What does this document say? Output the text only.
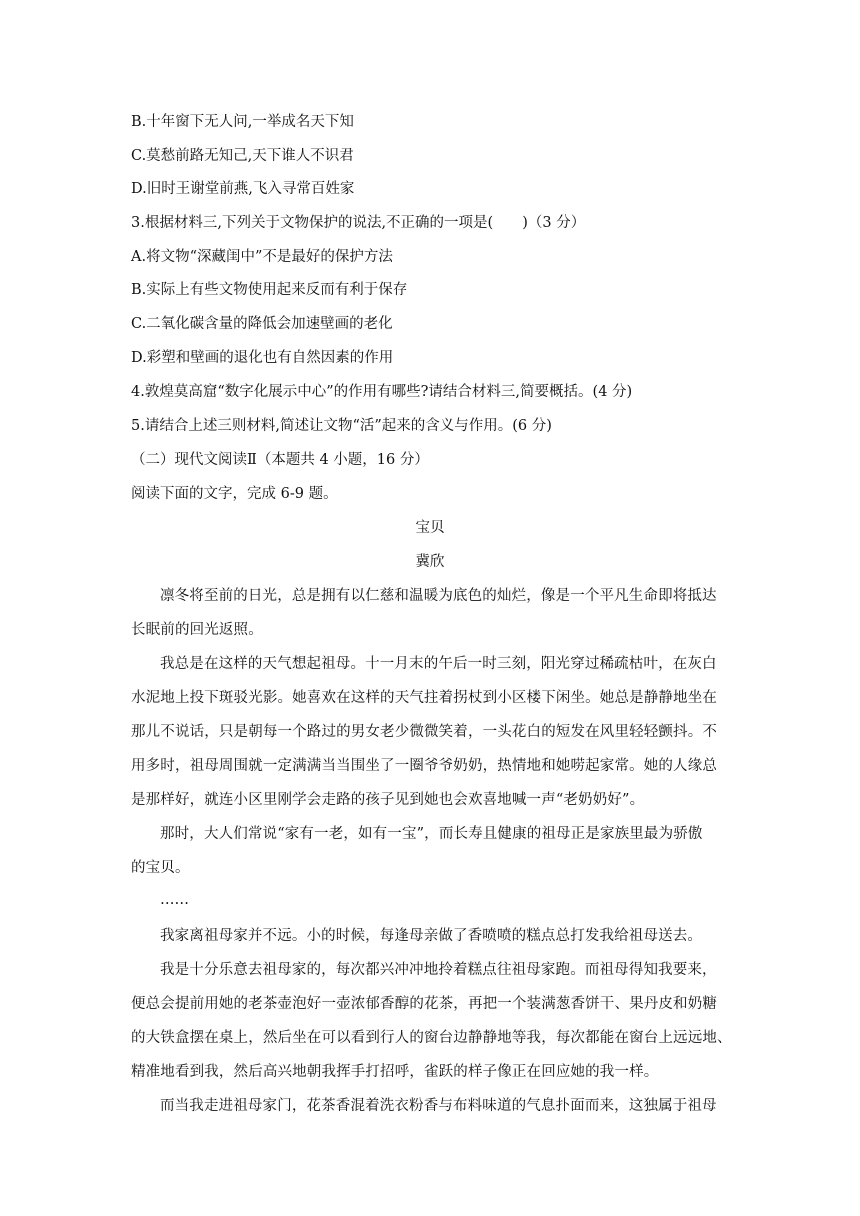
B.十年窗下无人问,一举成名天下知
C.莫愁前路无知己,天下谁人不识君
D.旧时王谢堂前燕,飞入寻常百姓家
3.根据材料三,下列关于文物保护的说法,不正确的一项是(　　)（3 分）
A.将文物“深藏闺中”不是最好的保护方法
B.实际上有些文物使用起来反而有利于保存
C.二氧化碳含量的降低会加速壁画的老化
D.彩塑和壁画的退化也有自然因素的作用
4.敦煌莫高窟“数字化展示中心”的作用有哪些?请结合材料三,简要概括。(4 分)
5.请结合上述三则材料,简述让文物“活”起来的含义与作用。(6 分)
（二）现代文阅读Ⅱ（本题共 4 小题，16 分）
阅读下面的文字，完成 6-9 题。
宝贝
冀欣
凛冬将至前的日光，总是拥有以仁慈和温暖为底色的灿烂，像是一个平凡生命即将抵达
长眠前的回光返照。
我总是在这样的天气想起祖母。十一月末的午后一时三刻，阳光穿过稀疏枯叶，在灰白
水泥地上投下斑驳光影。她喜欢在这样的天气拄着拐杖到小区楼下闲坐。她总是静静地坐在
那儿不说话，只是朝每一个路过的男女老少微微笑着，一头花白的短发在风里轻轻颤抖。不
用多时，祖母周围就一定满满当当围坐了一圈爷爷奶奶，热情地和她唠起家常。她的人缘总
是那样好，就连小区里刚学会走路的孩子见到她也会欢喜地喊一声“老奶奶好”。
那时，大人们常说“家有一老，如有一宝”，而长寿且健康的祖母正是家族里最为骄傲
的宝贝。
……
我家离祖母家并不远。小的时候，每逢母亲做了香喷喷的糕点总打发我给祖母送去。
我是十分乐意去祖母家的，每次都兴冲冲地拎着糕点往祖母家跑。而祖母得知我要来，
便总会提前用她的老茶壶泡好一壶浓郁香醇的花茶，再把一个装满葱香饼干、果丹皮和奶糖
的大铁盒摆在桌上，然后坐在可以看到行人的窗台边静静地等我，每次都能在窗台上远远地、
精准地看到我，然后高兴地朝我挥手打招呼，雀跃的样子像正在回应她的我一样。
而当我走进祖母家门，花茶香混着洗衣粉香与布料味道的气息扑面而来，这独属于祖母
